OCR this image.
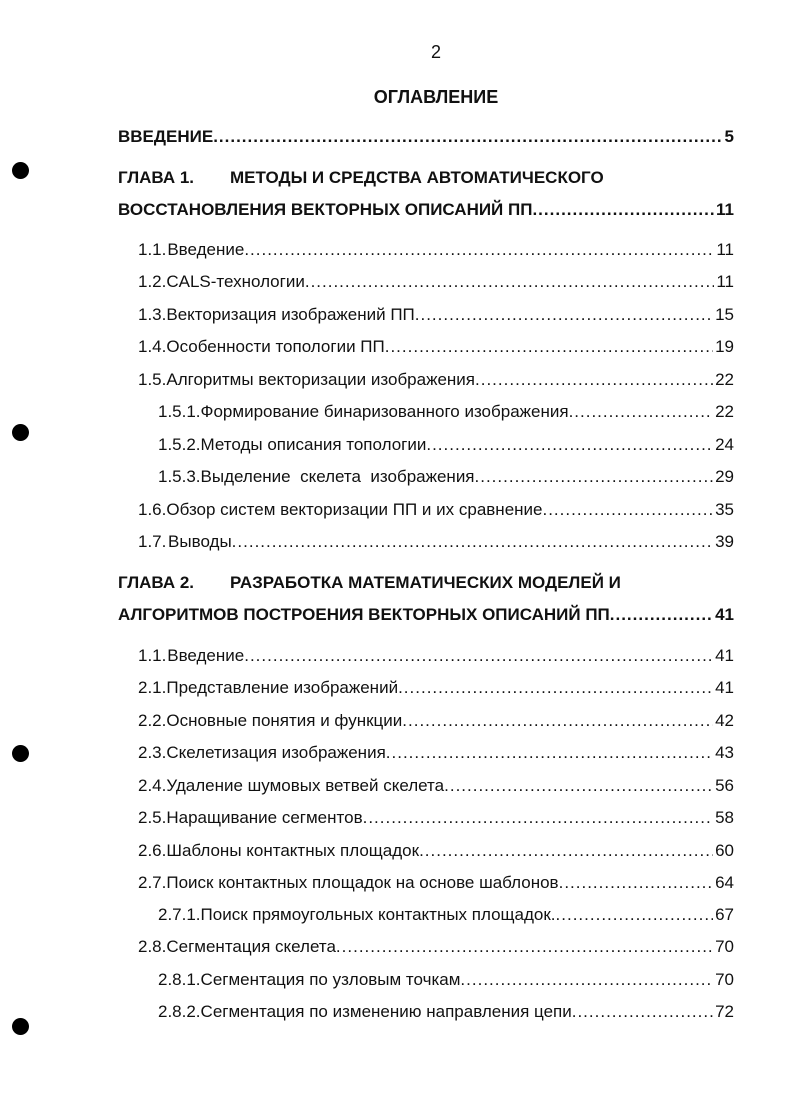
2
ОГЛАВЛЕНИЕ
ВВЕДЕНИЕ .....	5
ГЛАВА 1. МЕТОДЫ И СРЕДСТВА АВТОМАТИЧЕСКОГО
ВОССТАНОВЛЕНИЯ ВЕКТОРНЫХ ОПИСАНИЙ ПП .....	11
1.1. Введение .....	11
1.2. CALS-технологии .....	11
1.3. Векторизация изображений ПП .....	15
1.4. Особенности топологии ПП .....	19
1.5. Алгоритмы векторизации изображения .....	22
1.5.1. Формирование бинаризованного изображения .....	22
1.5.2. Методы описания топологии .....	24
1.5.3. Выделение  скелета  изображения .....	29
1.6. Обзор систем векторизации ПП и их сравнение .....	35
1.7. Выводы .....	39
ГЛАВА 2. РАЗРАБОТКА МАТЕМАТИЧЕСКИХ МОДЕЛЕЙ И
АЛГОРИТМОВ ПОСТРОЕНИЯ ВЕКТОРНЫХ ОПИСАНИЙ ПП .....	41
1.1. Введение .....	41
2.1. Представление изображений .....	41
2.2. Основные понятия и функции .....	42
2.3. Скелетизация изображения .....	43
2.4. Удаление шумовых ветвей скелета .....	56
2.5. Наращивание сегментов .....	58
2.6. Шаблоны контактных площадок .....	60
2.7. Поиск контактных площадок на основе шаблонов .....	64
2.7.1. Поиск прямоугольных контактных площадок. .....	67
2.8. Сегментация скелета .....	70
2.8.1. Сегментация по узловым точкам .....	70
2.8.2. Сегментация по изменению направления цепи .....	72
